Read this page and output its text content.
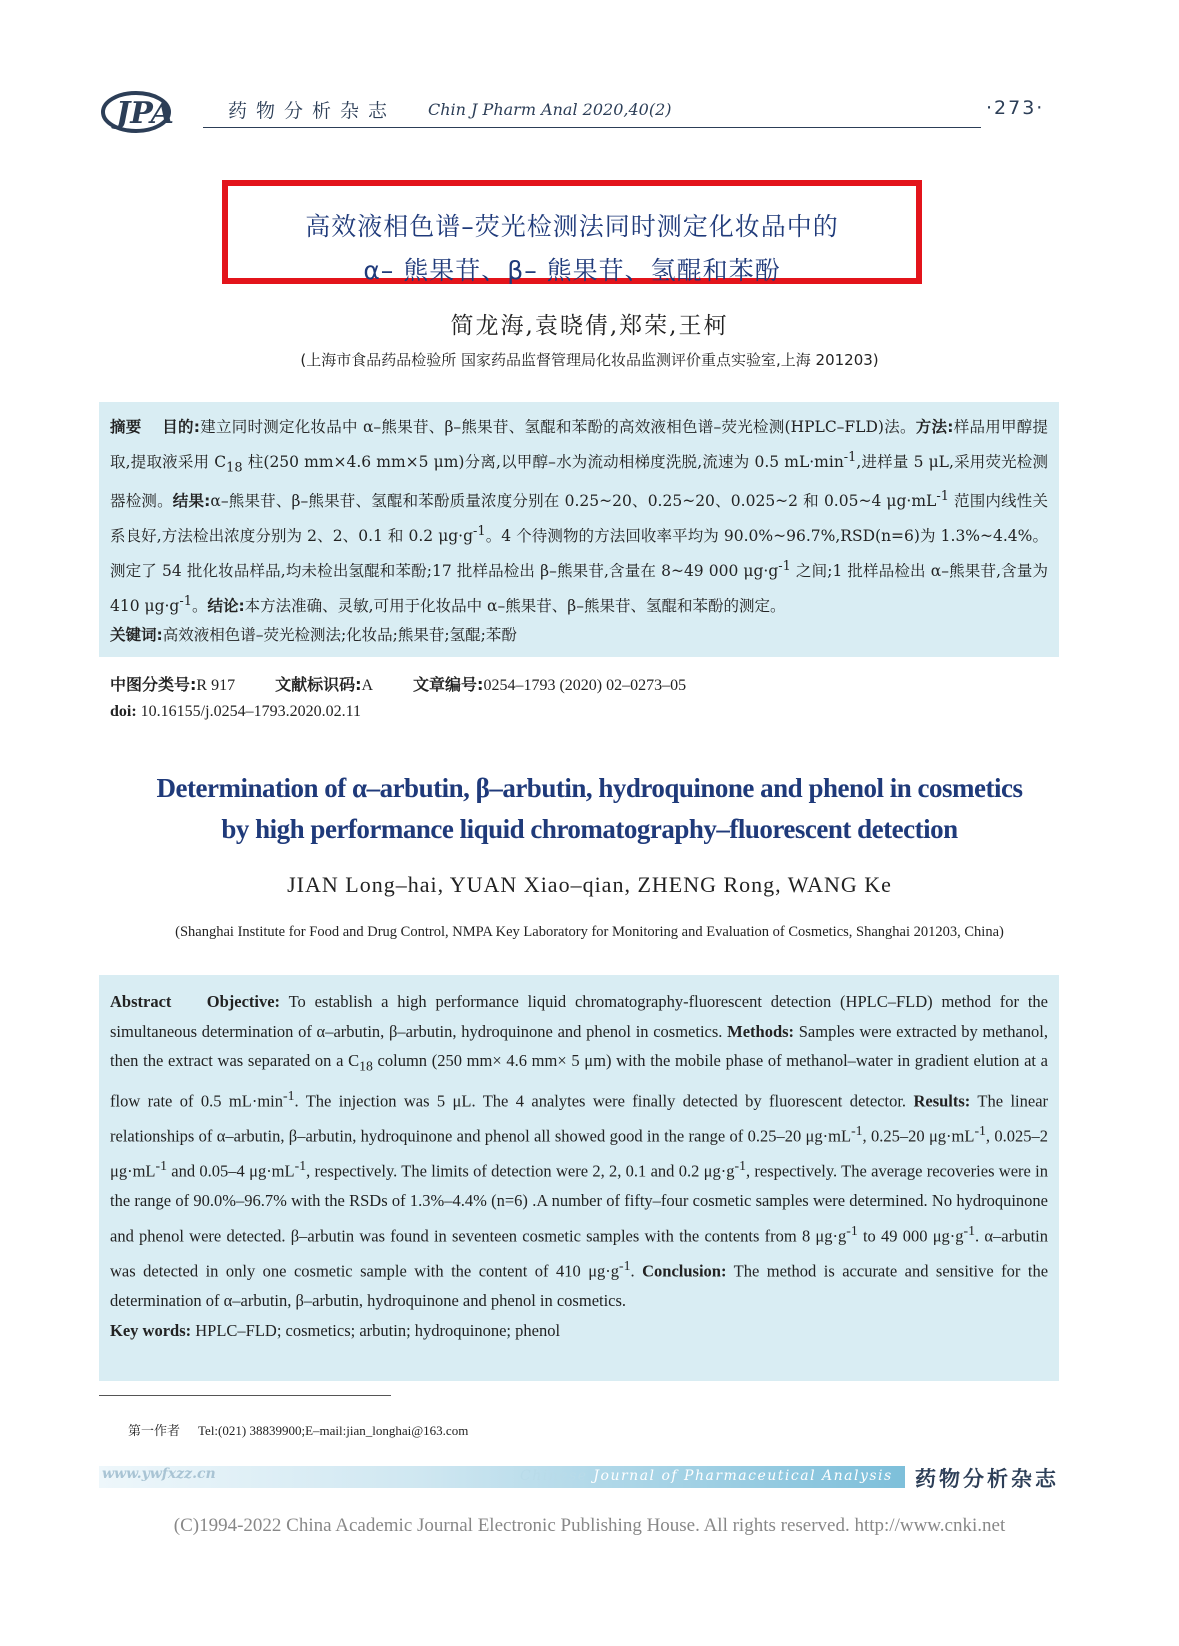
JPA	药物分析杂志 Chin J Pharm Anal 2020,40(2)	·273·
高效液相色谱–荧光检测法同时测定化妆品中的
α– 熊果苷、β– 熊果苷、氢醌和苯酚
简龙海,袁晓倩,郑荣,王柯
(上海市食品药品检验所 国家药品监督管理局化妆品监测评价重点实验室,上海 201203)
摘要 目的:建立同时测定化妆品中 α–熊果苷、β–熊果苷、氢醌和苯酚的高效液相色谱–荧光检测(HPLC–FLD)法。方法:样品用甲醇提取,提取液采用 $C_{18}$ 柱(250 mm×4.6 mm×5 μm)分离,以甲醇–水为流动相梯度洗脱,流速为 0.5 $mL\cdot\min^{-1}$,进样量 5 μL,采用荧光检测器检测。结果:α–熊果苷、β–熊果苷、氢醌和苯酚质量浓度分别在 0.25~20、0.25~20、0.025~2 和 0.05~4 $\mu g\cdot mL^{-1}$ 范围内线性关系良好,方法检出浓度分别为 2、2、0.1 和 0.2 $\mu g\cdot g^{-1}$。4 个待测物的方法回收率平均为 90.0%~96.7%,RSD(n=6)为 1.3%~4.4%。测定了 54 批化妆品样品,均未检出氢醌和苯酚;17 批样品检出 β–熊果苷,含量在 8~49 000 $\mu g\cdot g^{-1}$ 之间;1 批样品检出 α–熊果苷,含量为 410 $\mu g\cdot g^{-1}$。结论:本方法准确、灵敏,可用于化妆品中 α–熊果苷、β–熊果苷、氢醌和苯酚的测定。
关键词:高效液相色谱–荧光检测法;化妆品;熊果苷;氢醌;苯酚
中图分类号:R 917	文献标识码:A	文章编号:0254–1793 (2020) 02–0273–05
doi: 10.16155/j.0254–1793.2020.02.11
Determination of α–arbutin, β–arbutin, hydroquinone and phenol in cosmetics
by high performance liquid chromatography–fluorescent detection
JIAN Long–hai, YUAN Xiao–qian, ZHENG Rong, WANG Ke
(Shanghai Institute for Food and Drug Control, NMPA Key Laboratory for Monitoring and Evaluation of Cosmetics, Shanghai 201203, China)
Abstract Objective: To establish a high performance liquid chromatography-fluorescent detection (HPLC–FLD) method for the simultaneous determination of α–arbutin, β–arbutin, hydroquinone and phenol in cosmetics. Methods: Samples were extracted by methanol, then the extract was separated on a $C_{18}$ column (250 mm× 4.6 mm× 5 μm) with the mobile phase of methanol–water in gradient elution at a flow rate of 0.5 $mL\cdot\min^{-1}$. The injection was 5 μL. The 4 analytes were finally detected by fluorescent detector. Results: The linear relationships of α–arbutin, β–arbutin, hydroquinone and phenol all showed good in the range of 0.25–20 $\mu g\cdot mL^{-1}$, 0.25–20 $\mu g\cdot mL^{-1}$, 0.025–2 $\mu g\cdot mL^{-1}$ and 0.05–4 $\mu g\cdot mL^{-1}$, respectively. The limits of detection were 2, 2, 0.1 and 0.2 $\mu g\cdot g^{-1}$, respectively. The average recoveries were in the range of 90.0%–96.7% with the RSDs of 1.3%–4.4% (n=6) .A number of fifty–four cosmetic samples were determined. No hydroquinone and phenol were detected. β–arbutin was found in seventeen cosmetic samples with the contents from 8 $\mu g\cdot g^{-1}$ to 49 000 $\mu g\cdot g^{-1}$. α–arbutin was detected in only one cosmetic sample with the content of 410 $\mu g\cdot g^{-1}$. Conclusion: The method is accurate and sensitive for the determination of α–arbutin, β–arbutin, hydroquinone and phenol in cosmetics.
Key words: HPLC–FLD; cosmetics; arbutin; hydroquinone; phenol
第一作者 Tel:(021) 38839900;E–mail:jian_longhai@163.com
www.ywfxzz.cn	Chinese Journal of Pharmaceutical Analysis 药物分析杂志
(C)1994-2022 China Academic Journal Electronic Publishing House. All rights reserved. http://www.cnki.net
